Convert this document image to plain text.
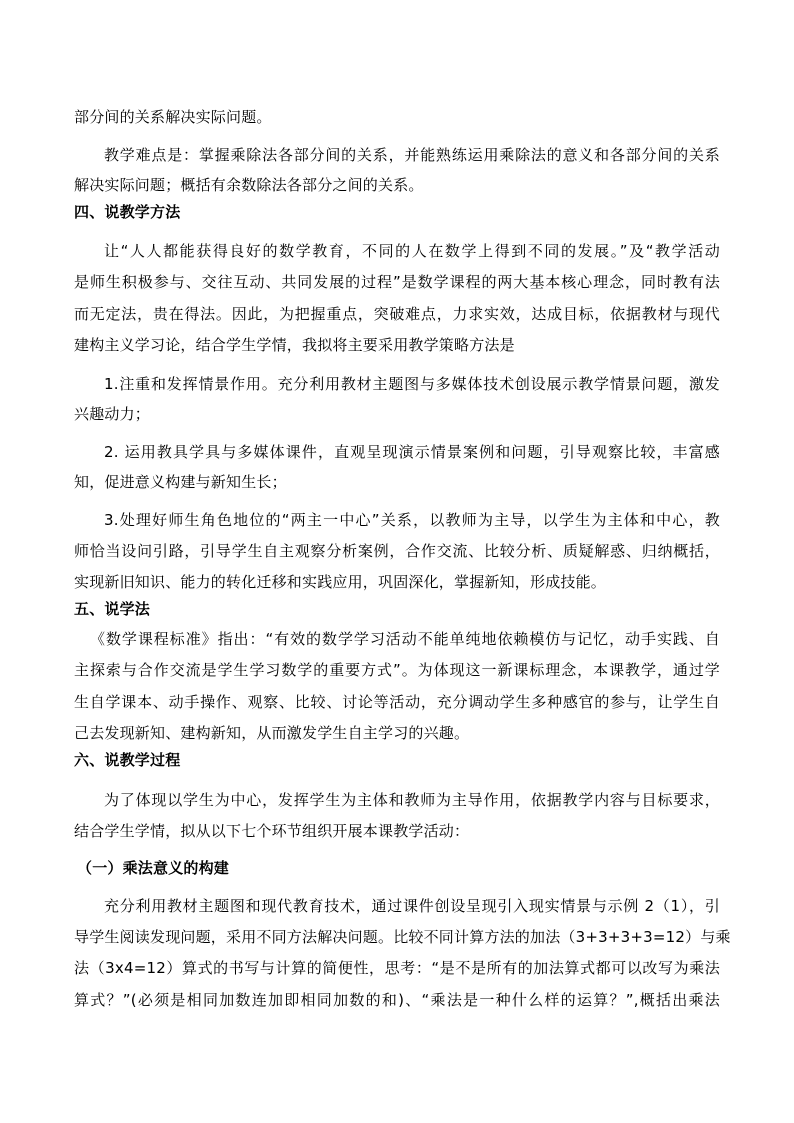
部分间的关系解决实际问题。
教学难点是：掌握乘除法各部分间的关系，并能熟练运用乘除法的意义和各部分间的关系
解决实际问题；概括有余数除法各部分之间的关系。
四、说教学方法
让“人人都能获得良好的数学教育，不同的人在数学上得到不同的发展。”及“教学活动
是师生积极参与、交往互动、共同发展的过程”是数学课程的两大基本核心理念，同时教有法
而无定法，贵在得法。因此，为把握重点，突破难点，力求实效，达成目标，依据教材与现代
建构主义学习论，结合学生学情，我拟将主要采用教学策略方法是
1.注重和发挥情景作用。充分利用教材主题图与多媒体技术创设展示教学情景问题，激发
兴趣动力；
2. 运用教具学具与多媒体课件，直观呈现演示情景案例和问题，引导观察比较，丰富感
知，促进意义构建与新知生长；
3.处理好师生角色地位的“两主一中心”关系，以教师为主导，以学生为主体和中心，教
师恰当设问引路，引导学生自主观察分析案例，合作交流、比较分析、质疑解惑、归纳概括，
实现新旧知识、能力的转化迁移和实践应用，巩固深化，掌握新知，形成技能。
五、说学法
《数学课程标准》指出：“有效的数学学习活动不能单纯地依赖模仿与记忆，动手实践、自
主探索与合作交流是学生学习数学的重要方式”。为体现这一新课标理念，本课教学，通过学
生自学课本、动手操作、观察、比较、讨论等活动，充分调动学生多种感官的参与，让学生自
己去发现新知、建构新知，从而激发学生自主学习的兴趣。
六、说教学过程
为了体现以学生为中心，发挥学生为主体和教师为主导作用，依据教学内容与目标要求，
结合学生学情，拟从以下七个环节组织开展本课教学活动：
（一）乘法意义的构建
充分利用教材主题图和现代教育技术，通过课件创设呈现引入现实情景与示例 2（1），引
导学生阅读发现问题，采用不同方法解决问题。比较不同计算方法的加法（3+3+3+3=12）与乘
法（3x4=12）算式的书写与计算的简便性，思考：“是不是所有的加法算式都可以改写为乘法
算式？”(必须是相同加数连加即相同加数的和)、“乘法是一种什么样的运算？”,概括出乘法
